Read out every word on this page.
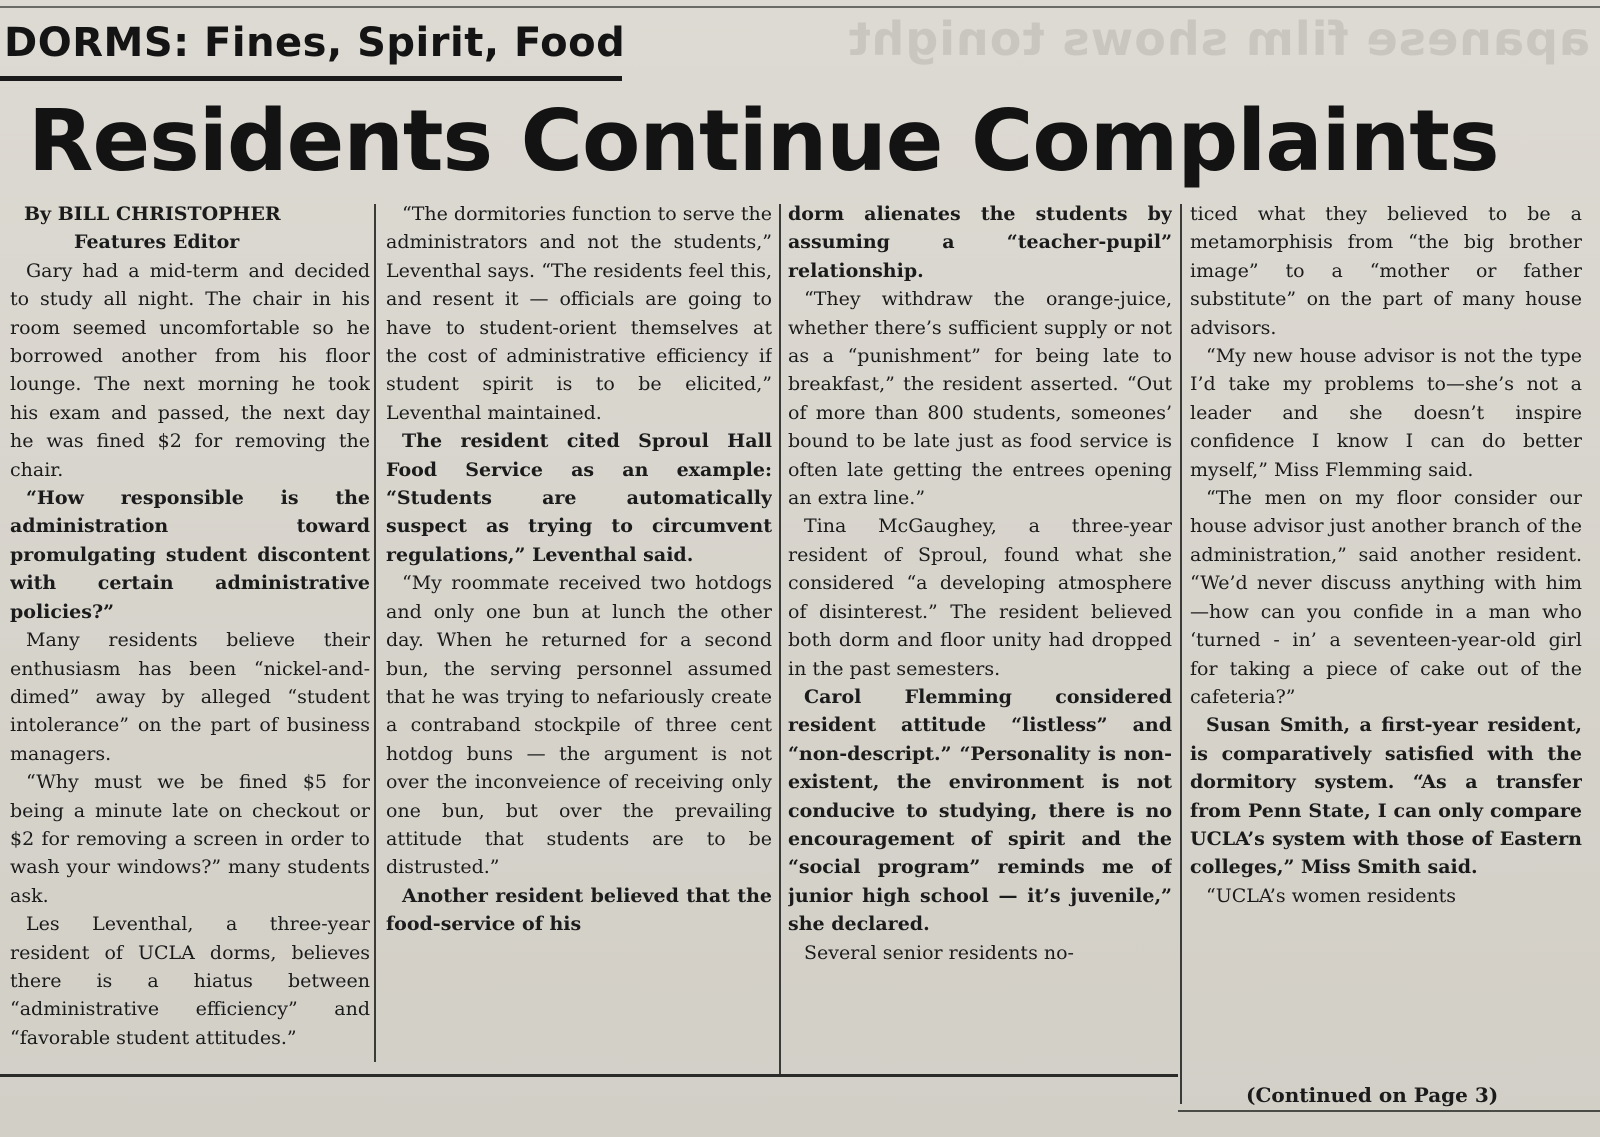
apanese film shows tonight
DORMS: Fines, Spirit, Food
Residents Continue Complaints

By BILL CHRISTOPHER

Features Editor

Gary had a mid-term and decided to study all night. The chair in his room seemed uncomfortable so he borrowed another from his floor lounge. The next morning he took his exam and passed, the next day he was fined $2 for removing the chair.

“How responsible is the administration toward promulgating student discontent with certain administrative policies?”

Many residents believe their enthusiasm has been “nickel-and-dimed” away by alleged “student intolerance” on the part of business managers.

“Why must we be fined $5 for being a minute late on checkout or $2 for removing a screen in order to wash your windows?” many students ask.

Les Leventhal, a three-year resident of UCLA dorms, believes there is a hiatus between “administrative efficiency” and “favorable student attitudes.”

“The dormitories function to serve the administrators and not the students,” Leventhal says. “The residents feel this, and resent it — officials are going to have to student-orient themselves at the cost of administrative efficiency if student spirit is to be elicited,” Leventhal maintained.

The resident cited Sproul Hall Food Service as an example: “Students are automatically suspect as trying to circumvent regulations,” Leventhal said.

“My roommate received two hotdogs and only one bun at lunch the other day. When he returned for a second bun, the serving personnel assumed that he was trying to nefariously create a contraband stockpile of three cent hotdog buns — the argument is not over the inconveience of receiving only one bun, but over the prevailing attitude that students are to be distrusted.”

Another resident believed that the food-service of his

dorm alienates the students by assuming a “teacher-pupil” relationship.

“They withdraw the orange-juice, whether there’s sufficient supply or not as a “punishment” for being late to breakfast,” the resident asserted. “Out of more than 800 students, someones’ bound to be late just as food service is often late getting the entrees opening an extra line.”

Tina McGaughey, a three-year resident of Sproul, found what she considered “a developing atmosphere of disinterest.” The resident believed both dorm and floor unity had dropped in the past semesters.

Carol Flemming considered resident attitude “listless” and “non-descript.” “Personality is non-existent, the environment is not conducive to studying, there is no encouragement of spirit and the “social program” reminds me of junior high school — it’s juvenile,” she declared.

Several senior residents no-

ticed what they believed to be a metamorphisis from “the big brother image” to a “mother or father substitute” on the part of many house advisors.

“My new house advisor is not the type I’d take my problems to—she’s not a leader and she doesn’t inspire confidence I know I can do better myself,” Miss Flemming said.

“The men on my floor consider our house advisor just another branch of the administration,” said another resident. “We’d never discuss anything with him—how can you confide in a man who ‘turned - in’ a seventeen-year-old girl for taking a piece of cake out of the cafeteria?”

Susan Smith, a first-year resident, is comparatively satisfied with the dormitory system. “As a transfer from Penn State, I can only compare UCLA’s system with those of Eastern colleges,” Miss Smith said.

“UCLA’s women residents

(Continued on Page 3)
